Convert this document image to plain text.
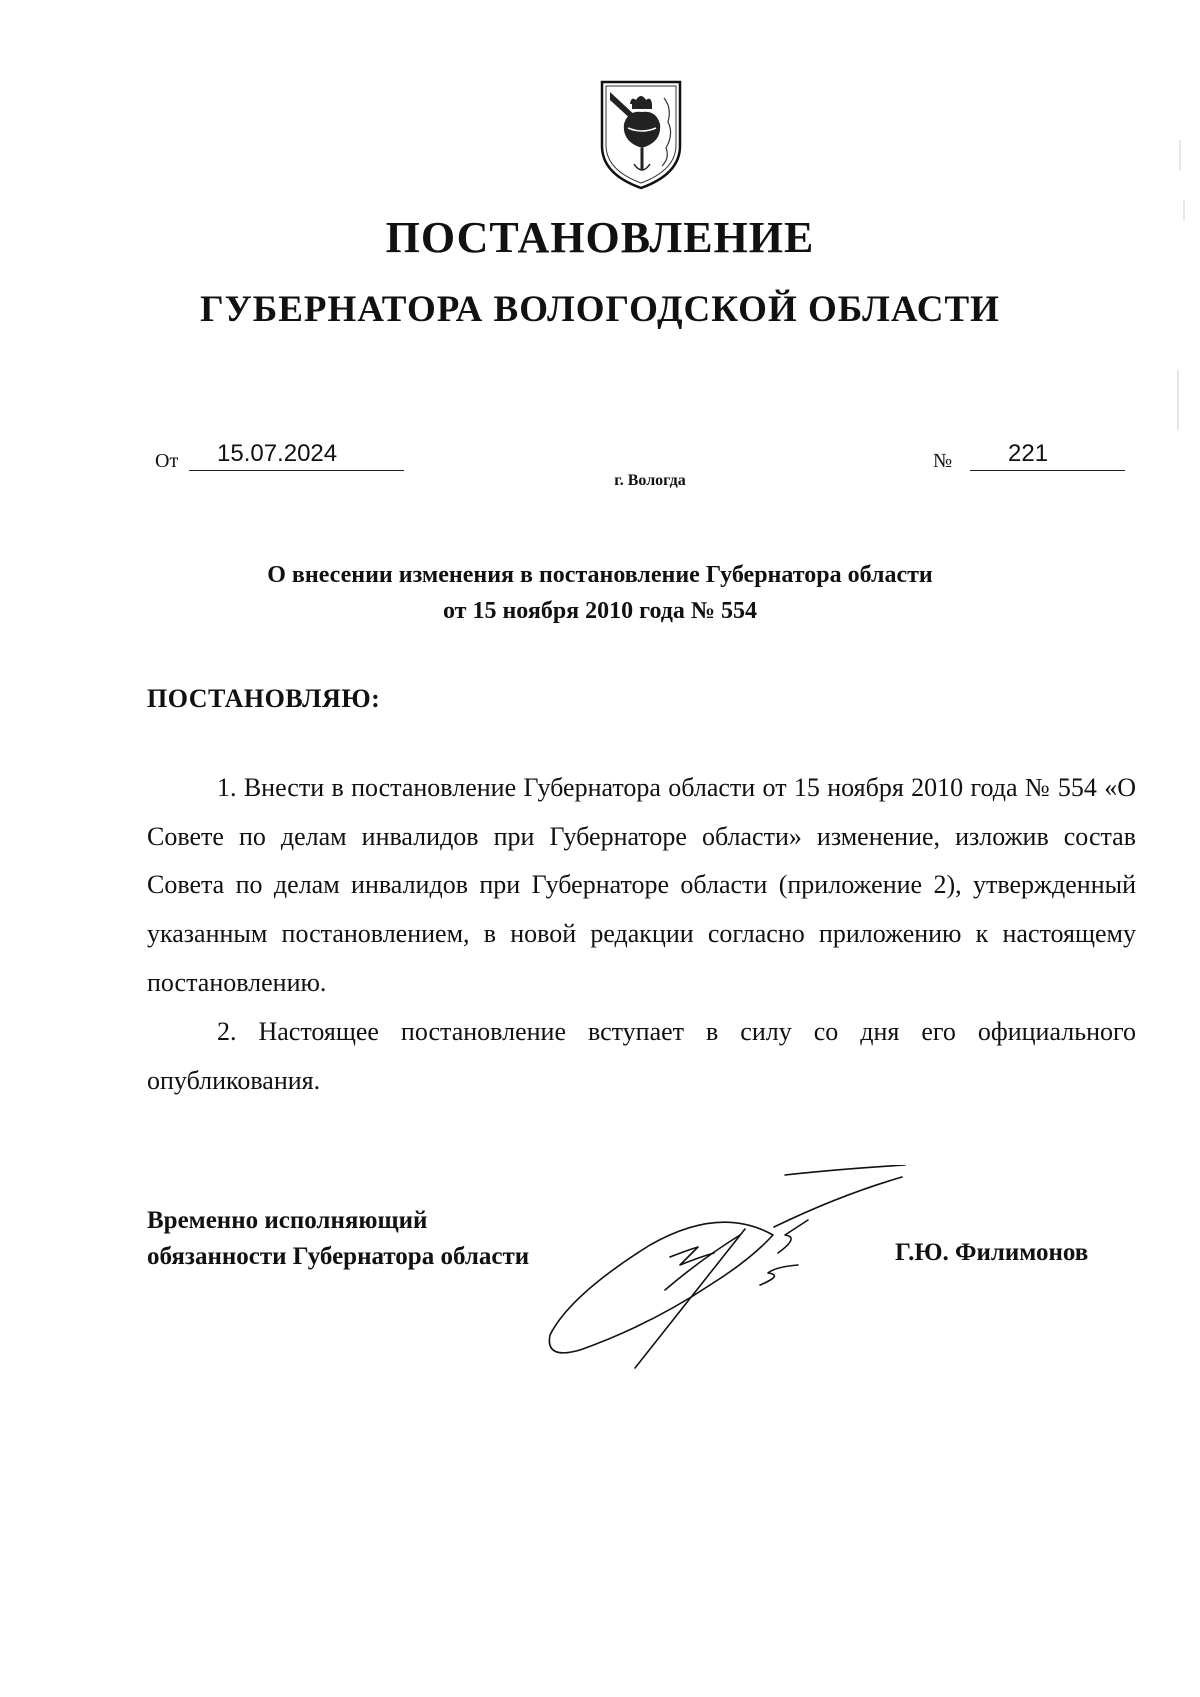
ПОСТАНОВЛЕНИЕ
ГУБЕРНАТОРА ВОЛОГОДСКОЙ ОБЛАСТИ
От	15.07.2024	№	221
г. Вологда
О внесении изменения в постановление Губернатора области
от 15 ноября 2010 года № 554
ПОСТАНОВЛЯЮ:

1. Внести в постановление Губернатора области от 15 ноября 2010 года № 554 «О Совете по делам инвалидов при Губернаторе области» изменение, изложив состав Совета по делам инвалидов при Губернаторе области (приложение 2), утвержденный указанным постановлением, в новой редакции согласно приложению к настоящему постановлению.

2. Настоящее постановление вступает в силу со дня его официального опубликования.

Временно исполняющий
обязанности Губернатора области	Г.Ю. Филимонов
